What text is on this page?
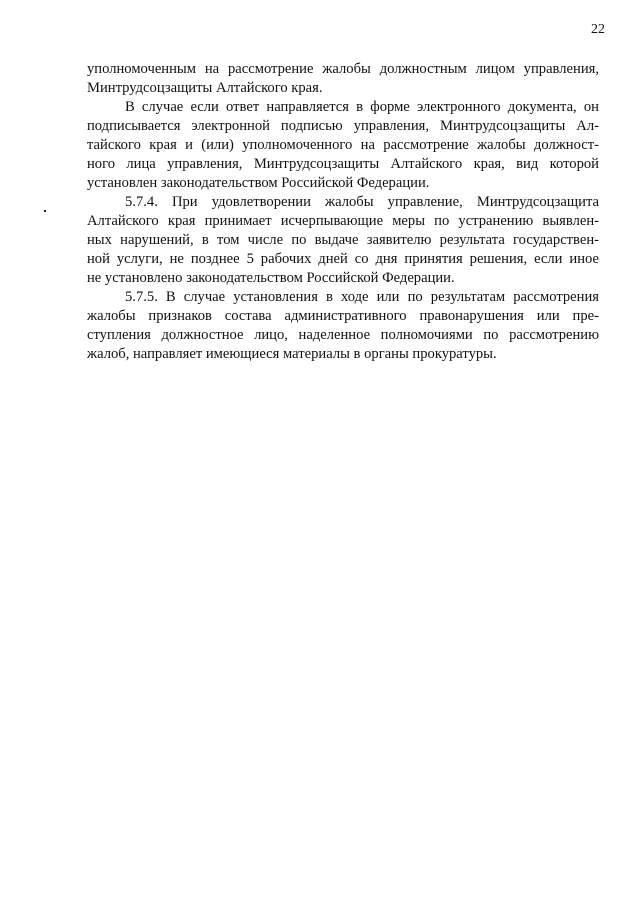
22
уполномоченным на рассмотрение жалобы должностным лицом управления,
Минтрудсоцзащиты Алтайского края.
В случае если ответ направляется в форме электронного документа, он
подписывается электронной подписью управления, Минтрудсоцзащиты Ал-
тайского края и (или) уполномоченного на рассмотрение жалобы должност-
ного лица управления, Минтрудсоцзащиты Алтайского края, вид которой
установлен законодательством Российской Федерации.
5.7.4. При удовлетворении жалобы управление, Минтрудсоцзащита
Алтайского края принимает исчерпывающие меры по устранению выявлен-
ных нарушений, в том числе по выдаче заявителю результата государствен-
ной услуги, не позднее 5 рабочих дней со дня принятия решения, если иное
не установлено законодательством Российской Федерации.
5.7.5. В случае установления в ходе или по результатам рассмотрения
жалобы признаков состава административного правонарушения или пре-
ступления должностное лицо, наделенное полномочиями по рассмотрению
жалоб, направляет имеющиеся материалы в органы прокуратуры.
